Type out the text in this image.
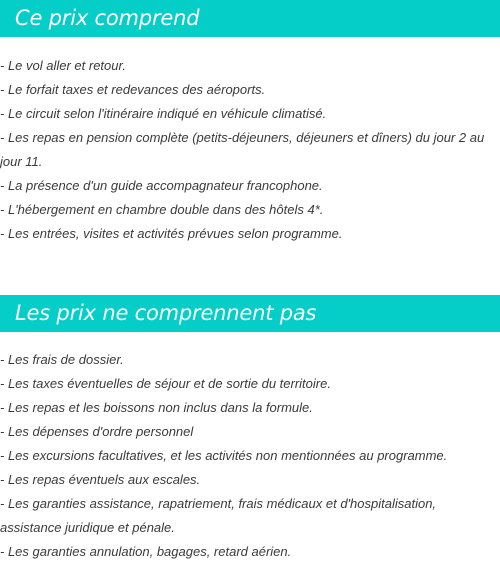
Ce prix comprend
- Le vol aller et retour.
- Le forfait taxes et redevances des aéroports.
- Le circuit selon l'itinéraire indiqué en véhicule climatisé.
- Les repas en pension complète (petits-déjeuners, déjeuners et dîners) du jour 2 au jour 11.
- La présence d'un guide accompagnateur francophone.
- L'hébergement en chambre double dans des hôtels 4*.
- Les entrées, visites et activités prévues selon programme.
Les prix ne comprennent pas
- Les frais de dossier.
- Les taxes éventuelles de séjour et de sortie du territoire.
- Les repas et les boissons non inclus dans la formule.
- Les dépenses d'ordre personnel
- Les excursions facultatives, et les activités non mentionnées au programme.
- Les repas éventuels aux escales.
- Les garanties assistance, rapatriement, frais médicaux et d'hospitalisation, assistance juridique et pénale.
- Les garanties annulation, bagages, retard aérien.
